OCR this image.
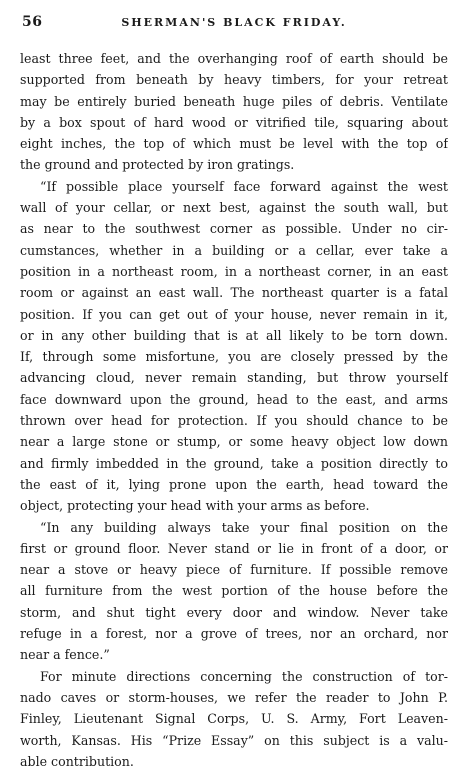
56	SHERMAN'S BLACK FRIDAY.
least three feet, and the overhanging roof of earth should be
supported from beneath by heavy timbers, for your retreat
may be entirely buried beneath huge piles of debris. Ventilate
by a box spout of hard wood or vitrified tile, squaring about
eight inches, the top of which must be level with the top of
the ground and protected by iron gratings.
“If possible place yourself face forward against the west
wall of your cellar, or next best, against the south wall, but
as near to the southwest corner as possible. Under no cir-
cumstances, whether in a building or a cellar, ever take a
position in a northeast room, in a northeast corner, in an east
room or against an east wall. The northeast quarter is a fatal
position. If you can get out of your house, never remain in it,
or in any other building that is at all likely to be torn down.
If, through some misfortune, you are closely pressed by the
advancing cloud, never remain standing, but throw yourself
face downward upon the ground, head to the east, and arms
thrown over head for protection. If you should chance to be
near a large stone or stump, or some heavy object low down
and firmly imbedded in the ground, take a position directly to
the east of it, lying prone upon the earth, head toward the
object, protecting your head with your arms as before.
“In any building always take your final position on the
first or ground floor. Never stand or lie in front of a door, or
near a stove or heavy piece of furniture. If possible remove
all furniture from the west portion of the house before the
storm, and shut tight every door and window. Never take
refuge in a forest, nor a grove of trees, nor an orchard, nor
near a fence.”
For minute directions concerning the construction of tor-
nado caves or storm-houses, we refer the reader to John P.
Finley, Lieutenant Signal Corps, U. S. Army, Fort Leaven-
worth, Kansas. His “Prize Essay” on this subject is a valu-
able contribution.
